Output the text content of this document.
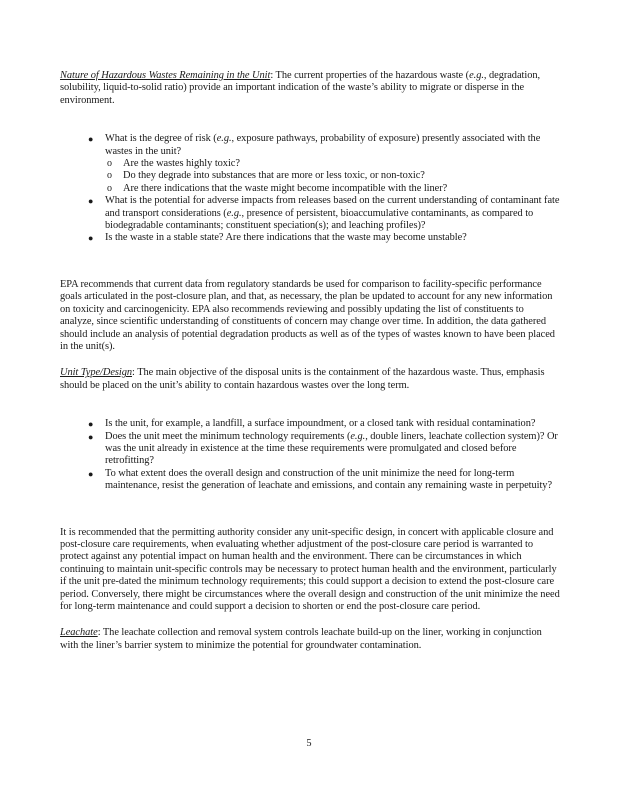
Nature of Hazardous Wastes Remaining in the Unit: The current properties of the hazardous waste (e.g., degradation, solubility, liquid-to-solid ratio) provide an important indication of the waste’s ability to migrate or disperse in the environment.

●	What is the degree of risk (e.g., exposure pathways, probability of exposure) presently associated with the wastes in the unit?
o Are the wastes highly toxic?
o Do they degrade into substances that are more or less toxic, or non-toxic?
o Are there indications that the waste might become incompatible with the liner?
●	What is the potential for adverse impacts from releases based on the current understanding of contaminant fate and transport considerations (e.g., presence of persistent, bioaccumulative contaminants, as compared to biodegradable contaminants; constituent speciation(s); and leaching profiles)?
●	Is the waste in a stable state? Are there indications that the waste may become unstable?

EPA recommends that current data from regulatory standards be used for comparison to facility-specific performance goals articulated in the post-closure plan, and that, as necessary, the plan be updated to account for any new information on toxicity and carcinogenicity. EPA also recommends reviewing and possibly updating the list of constituents to analyze, since scientific understanding of constituents of concern may change over time. In addition, the data gathered should include an analysis of potential degradation products as well as of the types of wastes known to have been placed in the unit(s).

Unit Type/Design: The main objective of the disposal units is the containment of the hazardous waste. Thus, emphasis should be placed on the unit’s ability to contain hazardous wastes over the long term.

●	Is the unit, for example, a landfill, a surface impoundment, or a closed tank with residual contamination?
●	Does the unit meet the minimum technology requirements (e.g., double liners, leachate collection system)? Or was the unit already in existence at the time these requirements were promulgated and closed before retrofitting?
●	To what extent does the overall design and construction of the unit minimize the need for long-term maintenance, resist the generation of leachate and emissions, and contain any remaining waste in perpetuity?

It is recommended that the permitting authority consider any unit-specific design, in concert with applicable closure and post-closure care requirements, when evaluating whether adjustment of the post-closure care period is warranted to protect against any potential impact on human health and the environment. There can be circumstances in which continuing to maintain unit-specific controls may be necessary to protect human health and the environment, particularly if the unit pre-dated the minimum technology requirements; this could support a decision to extend the post-closure care period. Conversely, there might be circumstances where the overall design and construction of the unit minimize the need for long-term maintenance and could support a decision to shorten or end the post-closure care period.

Leachate: The leachate collection and removal system controls leachate build-up on the liner, working in conjunction with the liner’s barrier system to minimize the potential for groundwater contamination.

5
